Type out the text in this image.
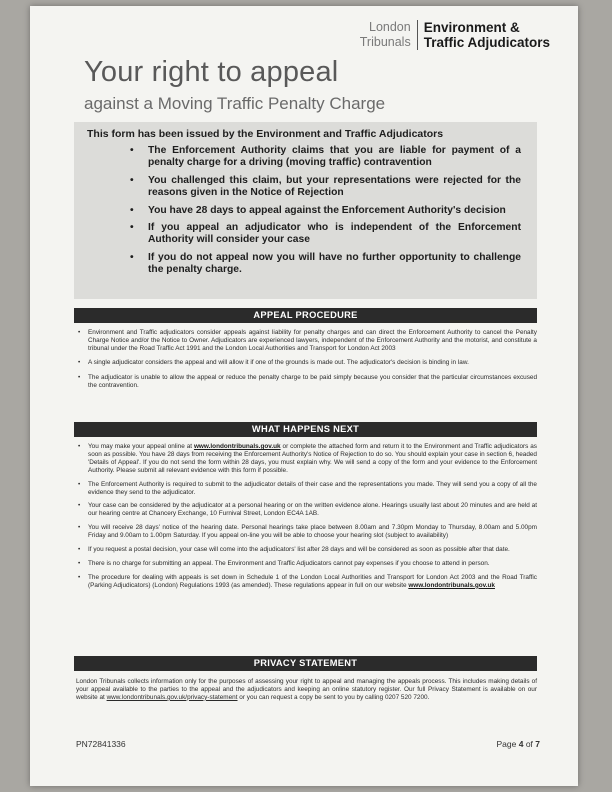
London
Tribunals
Environment &
Traffic Adjudicators
Your right to appeal
against a Moving Traffic Penalty Charge
This form has been issued by the Environment and Traffic Adjudicators
• The Enforcement Authority claims that you are liable for payment of a penalty charge for a driving (moving traffic) contravention
• You challenged this claim, but your representations were rejected for the reasons given in the Notice of Rejection
• You have 28 days to appeal against the Enforcement Authority's decision
• If you appeal an adjudicator who is independent of the Enforcement Authority will consider your case
• If you do not appeal now you will have no further opportunity to challenge the penalty charge.
APPEAL PROCEDURE
• Environment and Traffic adjudicators consider appeals against liability for penalty charges and can direct the Enforcement Authority to cancel the Penalty Charge Notice and/or the Notice to Owner. Adjudicators are experienced lawyers, independent of the Enforcement Authority and the motorist, and constitute a tribunal under the Road Traffic Act 1991 and the London Local Authorities and Transport for London Act 2003
• A single adjudicator considers the appeal and will allow it if one of the grounds is made out. The adjudicator's decision is binding in law.
• The adjudicator is unable to allow the appeal or reduce the penalty charge to be paid simply because you consider that the particular circumstances excused the contravention.
WHAT HAPPENS NEXT
• You may make your appeal online at www.londontribunals.gov.uk or complete the attached form and return it to the Environment and Traffic adjudicators as soon as possible. You have 28 days from receiving the Enforcement Authority's Notice of Rejection to do so. You should explain your case in section 6, headed 'Details of Appeal'. If you do not send the form within 28 days, you must explain why. We will send a copy of the form and your evidence to the Enforcement Authority. Please submit all relevant evidence with this form if possible.
• The Enforcement Authority is required to submit to the adjudicator details of their case and the representations you made. They will send you a copy of all the evidence they send to the adjudicator.
• Your case can be considered by the adjudicator at a personal hearing or on the written evidence alone. Hearings usually last about 20 minutes and are held at our hearing centre at Chancery Exchange, 10 Furnival Street, London EC4A 1AB.
• You will receive 28 days' notice of the hearing date. Personal hearings take place between 8.00am and 7.30pm Monday to Thursday, 8.00am and 5.00pm Friday and 9.00am to 1.00pm Saturday. If you appeal on-line you will be able to choose your hearing slot (subject to availability)
• If you request a postal decision, your case will come into the adjudicators' list after 28 days and will be considered as soon as possible after that date.
• There is no charge for submitting an appeal. The Environment and Traffic Adjudicators cannot pay expenses if you choose to attend in person.
• The procedure for dealing with appeals is set down in Schedule 1 of the London Local Authorities and Transport for London Act 2003 and the Road Traffic (Parking Adjudicators) (London) Regulations 1993 (as amended). These regulations appear in full on our website www.londontribunals.gov.uk
PRIVACY STATEMENT
London Tribunals collects information only for the purposes of assessing your right to appeal and managing the appeals process. This includes making details of your appeal available to the parties to the appeal and the adjudicators and keeping an online statutory register. Our full Privacy Statement is available on our website at www.londontribunals.gov.uk/privacy-statement or you can request a copy be sent to you by calling 0207 520 7200.
PN72841336	Page 4 of 7
